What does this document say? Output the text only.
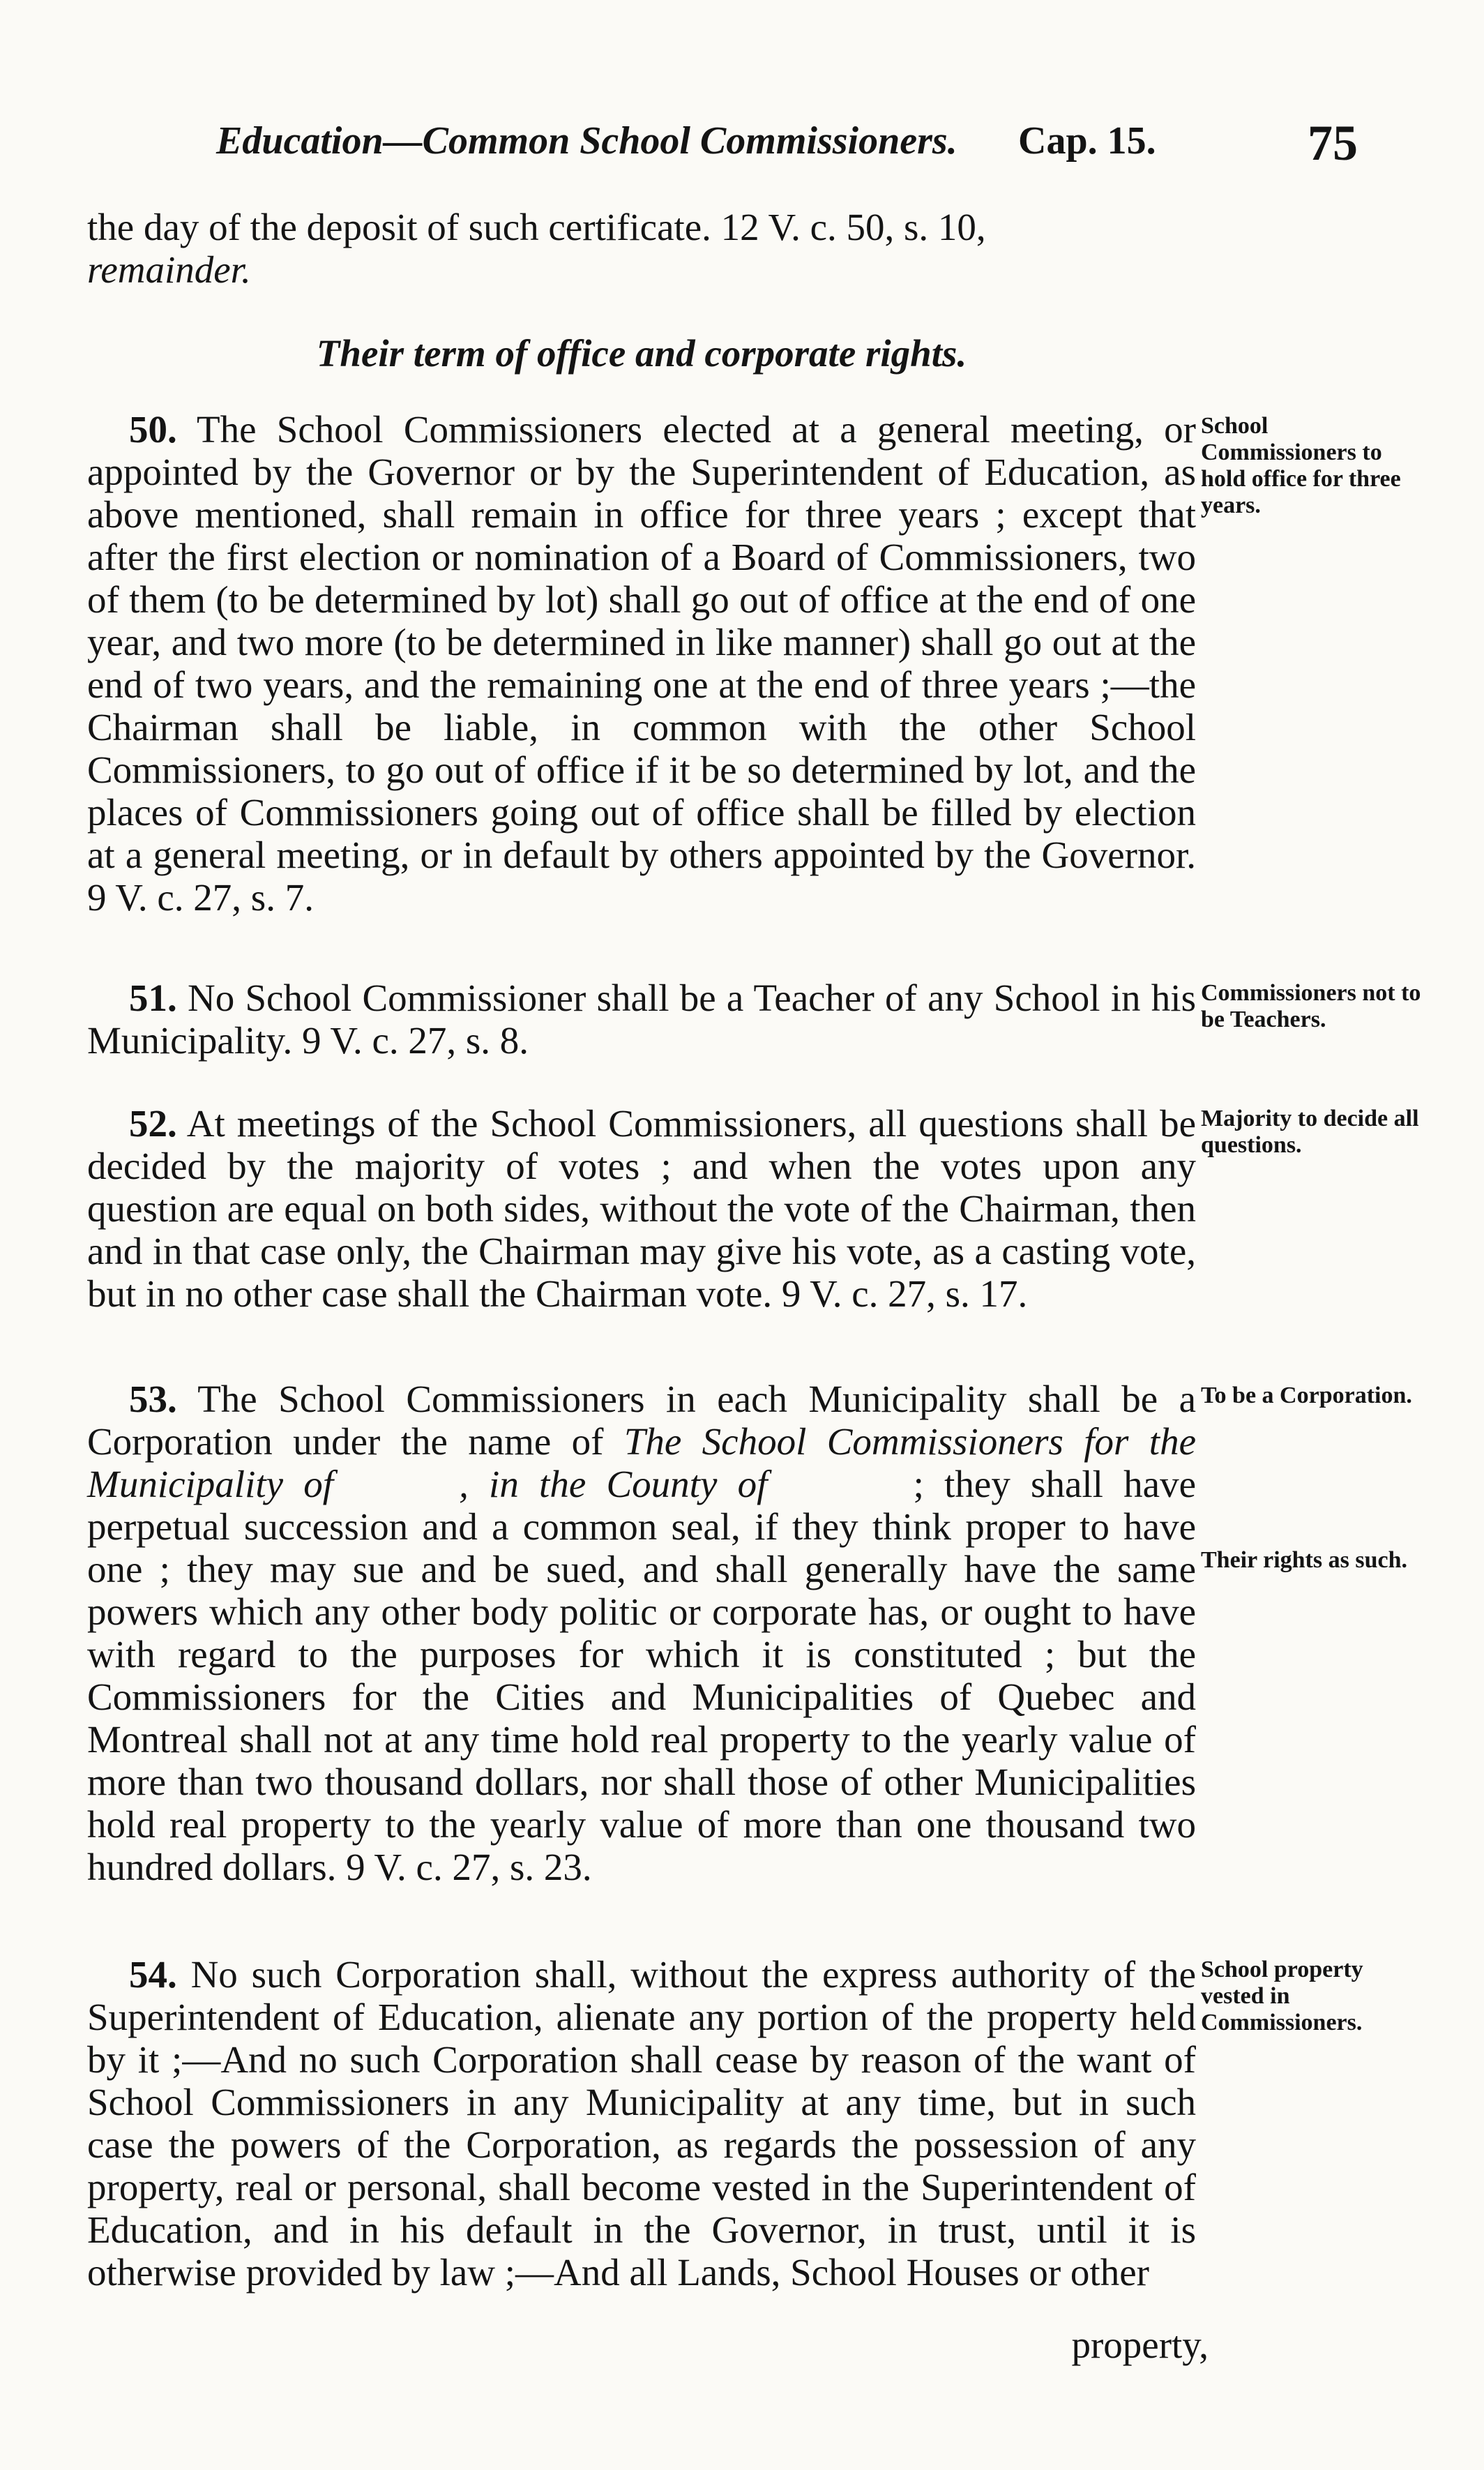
Education—Common School Commissioners. Cap. 15.	75

the day of the deposit of such certificate. 12 V. c. 50, s. 10,
remainder.

Their term of office and corporate rights.

50. The School Commissioners elected at a general meeting, or appointed by the Governor or by the Superintendent of Education, as above mentioned, shall remain in office for three years ; except that after the first election or nomination of a Board of Commissioners, two of them (to be determined by lot) shall go out of office at the end of one year, and two more (to be determined in like manner) shall go out at the end of two years, and the remaining one at the end of three years ;—the Chairman shall be liable, in common with the other School Commissioners, to go out of office if it be so determined by lot, and the places of Commissioners going out of office shall be filled by election at a general meeting, or in default by others appointed by the Governor. 9 V. c. 27, s. 7.

School Commissioners to hold office for three years.

51. No School Commissioner shall be a Teacher of any School in his Municipality. 9 V. c. 27, s. 8.

Commissioners not to be Teachers.

52. At meetings of the School Commissioners, all questions shall be decided by the majority of votes ; and when the votes upon any question are equal on both sides, without the vote of the Chairman, then and in that case only, the Chairman may give his vote, as a casting vote, but in no other case shall the Chairman vote. 9 V. c. 27, s. 17.

Majority to decide all questions.

53. The School Commissioners in each Municipality shall be a Corporation under the name of The School Commissioners for the Municipality of	, in the County of	; they shall have perpetual succession and a common seal, if they think proper to have one ; they may sue and be sued, and shall generally have the same powers which any other body politic or corporate has, or ought to have with regard to the purposes for which it is constituted ; but the Commissioners for the Cities and Municipalities of Quebec and Montreal shall not at any time hold real property to the yearly value of more than two thousand dollars, nor shall those of other Municipalities hold real property to the yearly value of more than one thousand two hundred dollars. 9 V. c. 27, s. 23.

To be a Corporation.
Their rights as such.

54. No such Corporation shall, without the express authority of the Superintendent of Education, alienate any portion of the property held by it ;—And no such Corporation shall cease by reason of the want of School Commissioners in any Municipality at any time, but in such case the powers of the Corporation, as regards the possession of any property, real or personal, shall become vested in the Superintendent of Education, and in his default in the Governor, in trust, until it is otherwise provided by law ;—And all Lands, School Houses or other

School property vested in Commissioners.
property,
